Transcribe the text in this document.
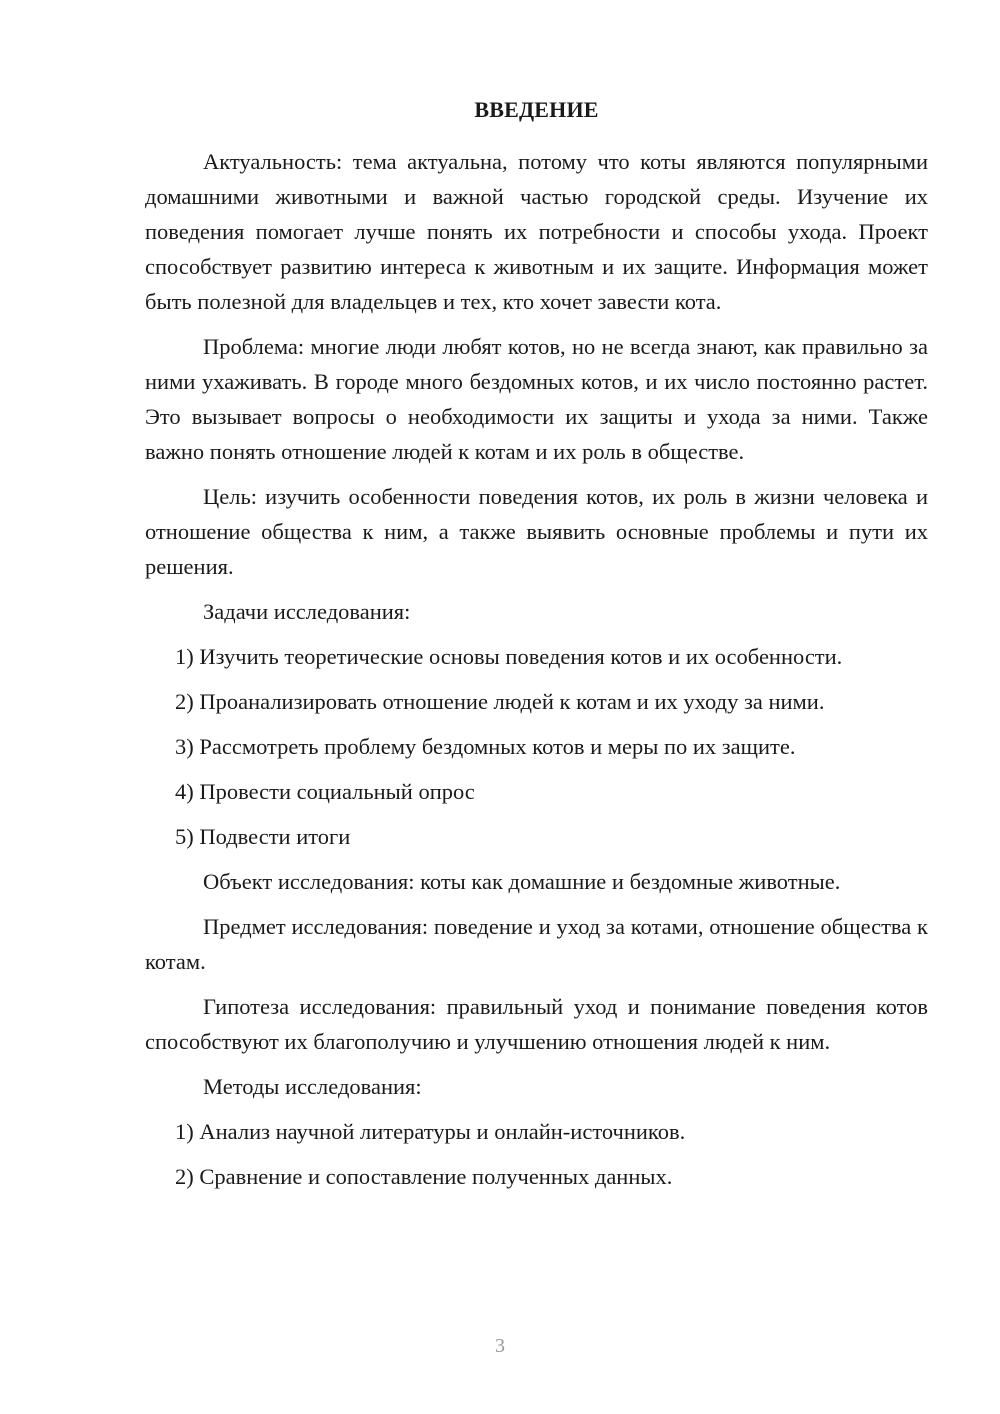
ВВЕДЕНИЕ

Актуальность: тема актуальна, потому что коты являются популярными домашними животными и важной частью городской среды. Изучение их поведения помогает лучше понять их потребности и способы ухода. Проект способствует развитию интереса к животным и их защите. Информация может быть полезной для владельцев и тех, кто хочет завести кота.

Проблема: многие люди любят котов, но не всегда знают, как правильно за ними ухаживать. В городе много бездомных котов, и их число постоянно растет. Это вызывает вопросы о необходимости их защиты и ухода за ними. Также важно понять отношение людей к котам и их роль в обществе.

Цель: изучить особенности поведения котов, их роль в жизни человека и отношение общества к ним, а также выявить основные проблемы и пути их решения.

Задачи исследования:

1) Изучить теоретические основы поведения котов и их особенности.
2) Проанализировать отношение людей к котам и их уходу за ними.
3) Рассмотреть проблему бездомных котов и меры по их защите.
4) Провести социальный опрос
5) Подвести итоги

Объект исследования: коты как домашние и бездомные животные.

Предмет исследования: поведение и уход за котами, отношение общества к котам.

Гипотеза исследования: правильный уход и понимание поведения котов способствуют их благополучию и улучшению отношения людей к ним.

Методы исследования:

1) Анализ научной литературы и онлайн-источников.
2) Сравнение и сопоставление полученных данных.
3
